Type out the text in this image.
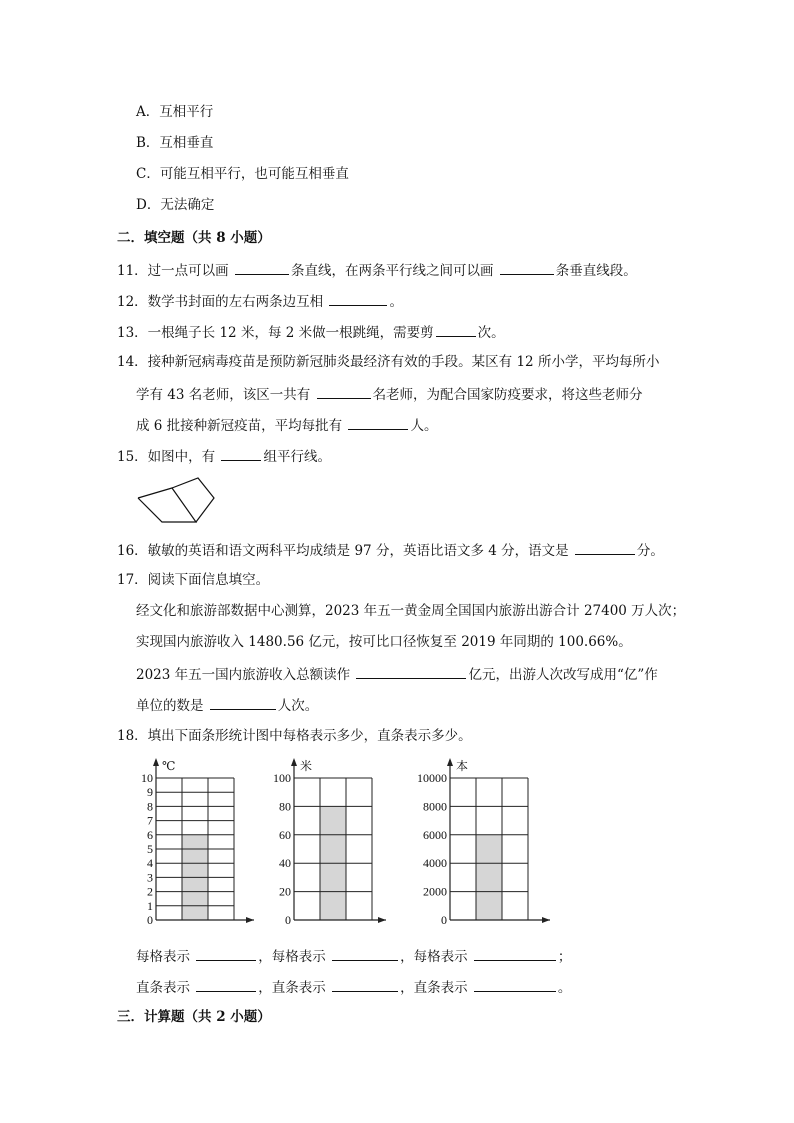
A．互相平行
B．互相垂直
C．可能互相平行，也可能互相垂直
D．无法确定
二．填空题（共 8 小题）
11．过一点可以画	条直线，在两条平行线之间可以画	条垂直线段。
12．数学书封面的左右两条边互相	。
13．一根绳子长 12 米，每 2 米做一根跳绳，需要剪	次。
14．接种新冠病毒疫苗是预防新冠肺炎最经济有效的手段。某区有 12 所小学，平均每所小
学有 43 名老师，该区一共有	名老师，为配合国家防疫要求，将这些老师分
成 6 批接种新冠疫苗，平均每批有	人。
15．如图中，有	组平行线。
16．敏敏的英语和语文两科平均成绩是 97 分，英语比语文多 4 分，语文是	分。
17．阅读下面信息填空。
经文化和旅游部数据中心测算，2023 年五一黄金周全国国内旅游出游合计 27400 万人次；
实现国内旅游收入 1480.56 亿元，按可比口径恢复至 2019 年同期的 100.66%。
2023 年五一国内旅游收入总额读作	亿元，出游人次改写成用“亿”作
单位的数是	人次。
18．填出下面条形统计图中每格表示多少，直条表示多少。
0
1
2
3
4
5
6
7
8
9
10
℃
0
20
40
60
80
100
米
0
2000
4000
6000
8000
10000
本
每格表示	，每格表示	，每格表示	；
直条表示	，直条表示	，直条表示	。
三．计算题（共 2 小题）
